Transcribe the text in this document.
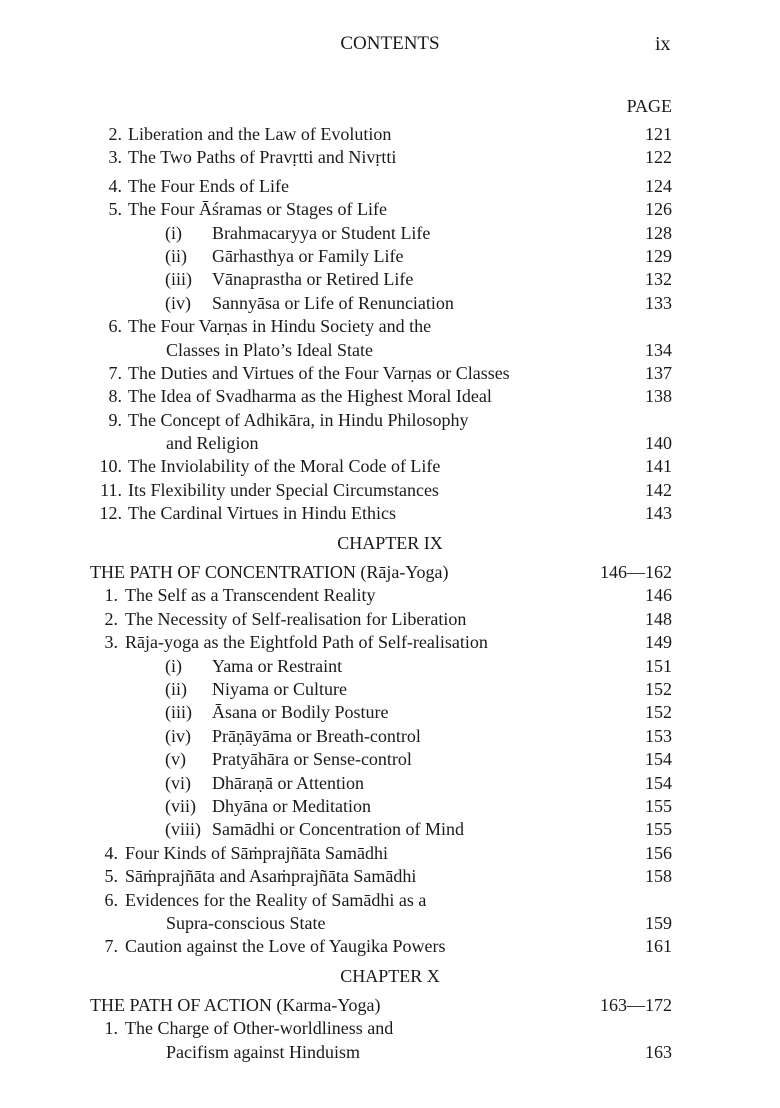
CONTENTS	ix
PAGE
2. Liberation and the Law of Evolution	121
3. The Two Paths of Pravṛtti and Nivṛtti	122
4. The Four Ends of Life	124
5. The Four Āśramas or Stages of Life	126
(i) Brahmacaryya or Student Life	128
(ii) Gārhasthya or Family Life	129
(iii) Vānaprastha or Retired Life	132
(iv) Sannyāsa or Life of Renunciation	133
6. The Four Varṇas in Hindu Society and the
Classes in Plato’s Ideal State	134
7. The Duties and Virtues of the Four Varṇas or Classes	137
8. The Idea of Svadharma as the Highest Moral Ideal	138
9. The Concept of Adhikāra, in Hindu Philosophy
and Religion	140
10. The Inviolability of the Moral Code of Life	141
11. Its Flexibility under Special Circumstances	142
12. The Cardinal Virtues in Hindu Ethics	143
CHAPTER IX
THE PATH OF CONCENTRATION (Rāja-Yoga)	146—162
1. The Self as a Transcendent Reality	146
2. The Necessity of Self-realisation for Liberation	148
3. Rāja-yoga as the Eightfold Path of Self-realisation	149
(i) Yama or Restraint	151
(ii) Niyama or Culture	152
(iii) Āsana or Bodily Posture	152
(iv) Prāṇāyāma or Breath-control	153
(v) Pratyāhāra or Sense-control	154
(vi) Dhāraṇā or Attention	154
(vii) Dhyāna or Meditation	155
(viii) Samādhi or Concentration of Mind	155
4. Four Kinds of Sāṁprajñāta Samādhi	156
5. Sāṁprajñāta and Asaṁprajñāta Samādhi	158
6. Evidences for the Reality of Samādhi as a
Supra-conscious State	159
7. Caution against the Love of Yaugika Powers	161
CHAPTER X
THE PATH OF ACTION (Karma-Yoga)	163—172
1. The Charge of Other-worldliness and
Pacifism against Hinduism	163
